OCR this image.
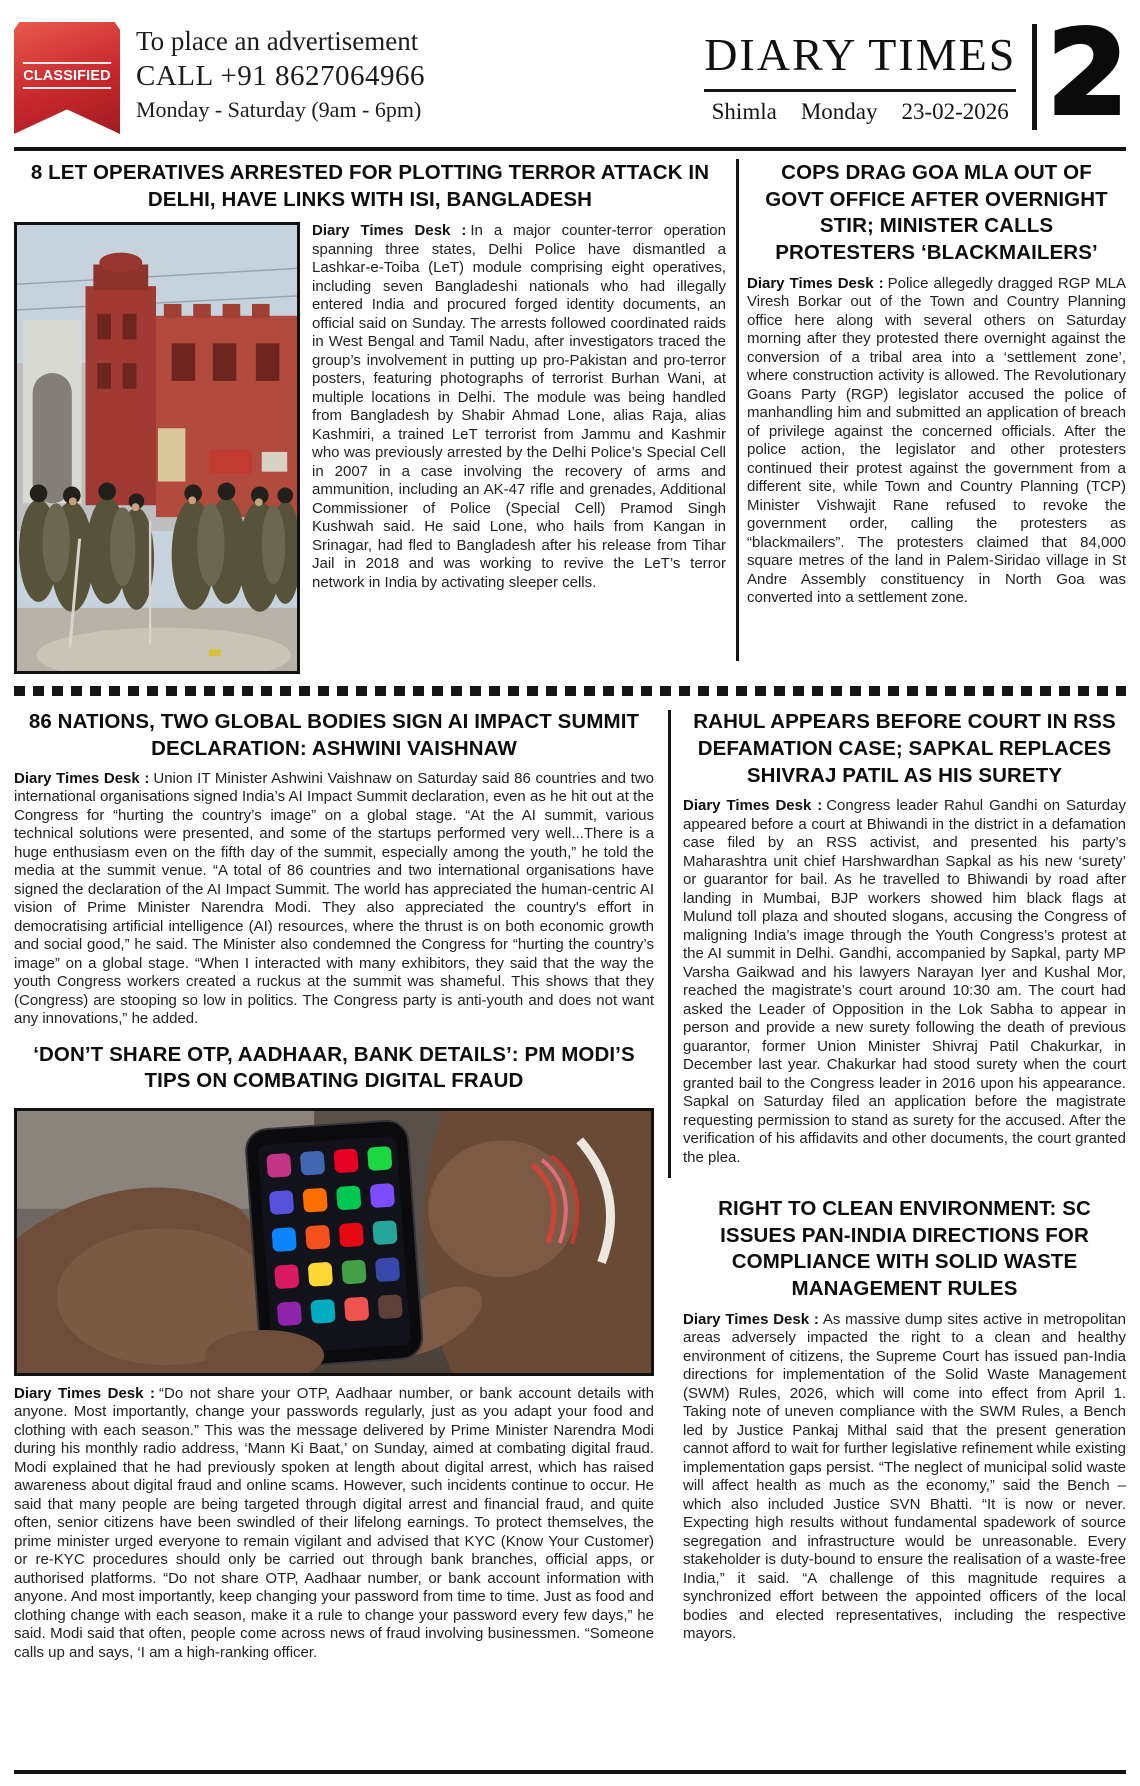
CLASSIFIED
To place an advertisement
CALL +91 8627064966
Monday - Saturday (9am - 6pm)
DIARY TIMES
Shimla Monday 23-02-2026 2
8 LET OPERATIVES ARRESTED FOR PLOTTING TERROR ATTACK IN DELHI, HAVE LINKS WITH ISI, BANGLADESH

Diary Times Desk : In a major counter-terror operation spanning three states, Delhi Police have dismantled a Lashkar-e-Toiba (LeT) module comprising eight operatives, including seven Bangladeshi nationals who had illegally entered India and procured forged identity documents, an official said on Sunday. The arrests followed coordinated raids in West Bengal and Tamil Nadu, after investigators traced the group’s involvement in putting up pro-Pakistan and pro-terror posters, featuring photographs of terrorist Burhan Wani, at multiple locations in Delhi. The module was being handled from Bangladesh by Shabir Ahmad Lone, alias Raja, alias Kashmiri, a trained LeT terrorist from Jammu and Kashmir who was previously arrested by the Delhi Police’s Special Cell in 2007 in a case involving the recovery of arms and ammunition, including an AK-47 rifle and grenades, Additional Commissioner of Police (Special Cell) Pramod Singh Kushwah said. He said Lone, who hails from Kangan in Srinagar, had fled to Bangladesh after his release from Tihar Jail in 2018 and was working to revive the LeT’s terror network in India by activating sleeper cells.

COPS DRAG GOA MLA OUT OF GOVT OFFICE AFTER OVERNIGHT STIR; MINISTER CALLS PROTESTERS ‘BLACKMAILERS’

Diary Times Desk : Police allegedly dragged RGP MLA Viresh Borkar out of the Town and Country Planning office here along with several others on Saturday morning after they protested there overnight against the conversion of a tribal area into a ‘settlement zone’, where construction activity is allowed. The Revolutionary Goans Party (RGP) legislator accused the police of manhandling him and submitted an application of breach of privilege against the concerned officials. After the police action, the legislator and other protesters continued their protest against the government from a different site, while Town and Country Planning (TCP) Minister Vishwajit Rane refused to revoke the government order, calling the protesters as “blackmailers”. The protesters claimed that 84,000 square metres of the land in Palem-Siridao village in St Andre Assembly constituency in North Goa was converted into a settlement zone.

86 NATIONS, TWO GLOBAL BODIES SIGN AI IMPACT SUMMIT DECLARATION: ASHWINI VAISHNAW

Diary Times Desk : Union IT Minister Ashwini Vaishnaw on Saturday said 86 countries and two international organisations signed India’s AI Impact Summit declaration, even as he hit out at the Congress for “hurting the country’s image” on a global stage. “At the AI summit, various technical solutions were presented, and some of the startups performed very well...There is a huge enthusiasm even on the fifth day of the summit, especially among the youth,” he told the media at the summit venue. “A total of 86 countries and two international organisations have signed the declaration of the AI Impact Summit. The world has appreciated the human-centric AI vision of Prime Minister Narendra Modi. They also appreciated the country's effort in democratising artificial intelligence (AI) resources, where the thrust is on both economic growth and social good,” he said. The Minister also condemned the Congress for “hurting the country’s image” on a global stage. “When I interacted with many exhibitors, they said that the way the youth Congress workers created a ruckus at the summit was shameful. This shows that they (Congress) are stooping so low in politics. The Congress party is anti-youth and does not want any innovations,” he added.

‘DON’T SHARE OTP, AADHAAR, BANK DETAILS’: PM MODI’S TIPS ON COMBATING DIGITAL FRAUD

Diary Times Desk : “Do not share your OTP, Aadhaar number, or bank account details with anyone. Most importantly, change your passwords regularly, just as you adapt your food and clothing with each season.” This was the message delivered by Prime Minister Narendra Modi during his monthly radio address, ‘Mann Ki Baat,’ on Sunday, aimed at combating digital fraud. Modi explained that he had previously spoken at length about digital arrest, which has raised awareness about digital fraud and online scams. However, such incidents continue to occur. He said that many people are being targeted through digital arrest and financial fraud, and quite often, senior citizens have been swindled of their lifelong earnings. To protect themselves, the prime minister urged everyone to remain vigilant and advised that KYC (Know Your Customer) or re-KYC procedures should only be carried out through bank branches, official apps, or authorised platforms. “Do not share OTP, Aadhaar number, or bank account information with anyone. And most importantly, keep changing your password from time to time. Just as food and clothing change with each season, make it a rule to change your password every few days,” he said. Modi said that often, people come across news of fraud involving businessmen. “Someone calls up and says, ‘I am a high-ranking officer.

RAHUL APPEARS BEFORE COURT IN RSS DEFAMATION CASE; SAPKAL REPLACES SHIVRAJ PATIL AS HIS SURETY

Diary Times Desk : Congress leader Rahul Gandhi on Saturday appeared before a court at Bhiwandi in the district in a defamation case filed by an RSS activist, and presented his party’s Maharashtra unit chief Harshwardhan Sapkal as his new ‘surety’ or guarantor for bail. As he travelled to Bhiwandi by road after landing in Mumbai, BJP workers showed him black flags at Mulund toll plaza and shouted slogans, accusing the Congress of maligning India’s image through the Youth Congress’s protest at the AI summit in Delhi. Gandhi, accompanied by Sapkal, party MP Varsha Gaikwad and his lawyers Narayan Iyer and Kushal Mor, reached the magistrate’s court around 10:30 am. The court had asked the Leader of Opposition in the Lok Sabha to appear in person and provide a new surety following the death of previous guarantor, former Union Minister Shivraj Patil Chakurkar, in December last year. Chakurkar had stood surety when the court granted bail to the Congress leader in 2016 upon his appearance. Sapkal on Saturday filed an application before the magistrate requesting permission to stand as surety for the accused. After the verification of his affidavits and other documents, the court granted the plea.

RIGHT TO CLEAN ENVIRONMENT: SC ISSUES PAN-INDIA DIRECTIONS FOR COMPLIANCE WITH SOLID WASTE MANAGEMENT RULES

Diary Times Desk : As massive dump sites active in metropolitan areas adversely impacted the right to a clean and healthy environment of citizens, the Supreme Court has issued pan-India directions for implementation of the Solid Waste Management (SWM) Rules, 2026, which will come into effect from April 1. Taking note of uneven compliance with the SWM Rules, a Bench led by Justice Pankaj Mithal said that the present generation cannot afford to wait for further legislative refinement while existing implementation gaps persist. “The neglect of municipal solid waste will affect health as much as the economy,” said the Bench – which also included Justice SVN Bhatti. “It is now or never. Expecting high results without fundamental spadework of source segregation and infrastructure would be unreasonable. Every stakeholder is duty-bound to ensure the realisation of a waste-free India,” it said. “A challenge of this magnitude requires a synchronized effort between the appointed officers of the local bodies and elected representatives, including the respective mayors.
